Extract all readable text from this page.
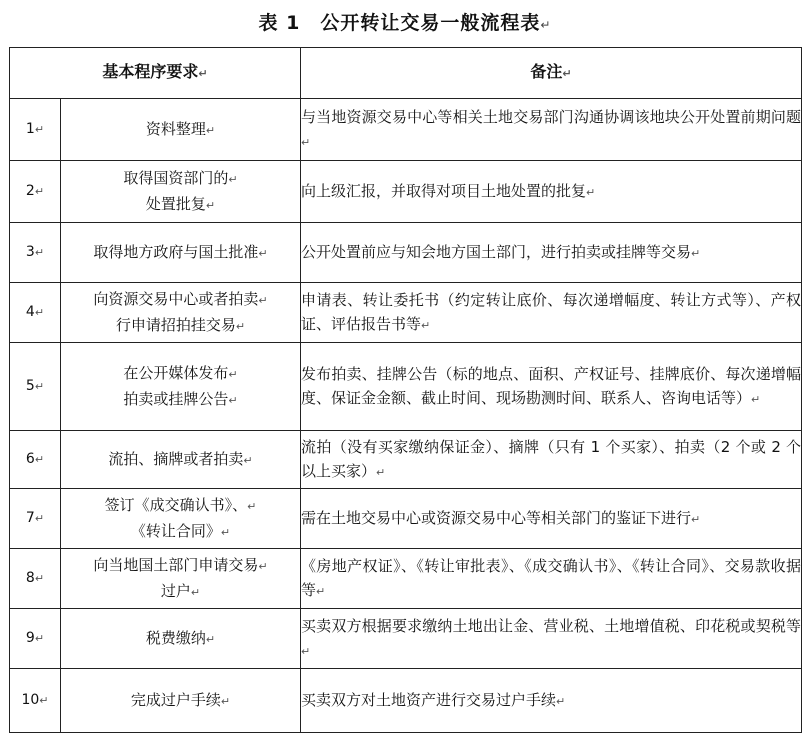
表 1　公开转让交易一般流程表↵
基本程序要求↵		备注↵
1↵	资料整理↵	与当地资源交易中心等相关土地交易部门沟通协调该地块公开处置前期问题↵
2↵	取得国资部门的↵
处置批复↵	向上级汇报，并取得对项目土地处置的批复↵
3↵	取得地方政府与国土批准↵	公开处置前应与知会地方国土部门，进行拍卖或挂牌等交易↵
4↵	向资源交易中心或者拍卖↵
行申请招拍挂交易↵	申请表、转让委托书（约定转让底价、每次递增幅度、转让方式等）、产权证、评估报告书等↵
5↵	在公开媒体发布↵
拍卖或挂牌公告↵	发布拍卖、挂牌公告（标的地点、面积、产权证号、挂牌底价、每次递增幅度、保证金金额、截止时间、现场勘测时间、联系人、咨询电话等）↵
6↵	流拍、摘牌或者拍卖↵	流拍（没有买家缴纳保证金）、摘牌（只有 1 个买家）、拍卖（2 个或 2 个以上买家）↵
7↵	签订《成交确认书》、↵
《转让合同》↵	需在土地交易中心或资源交易中心等相关部门的鉴证下进行↵
8↵	向当地国土部门申请交易↵
过户↵	《房地产权证》、《转让审批表》、《成交确认书》、《转让合同》、交易款收据等↵
9↵	税费缴纳↵	买卖双方根据要求缴纳土地出让金、营业税、土地增值税、印花税或契税等↵
10↵	完成过户手续↵	买卖双方对土地资产进行交易过户手续↵
